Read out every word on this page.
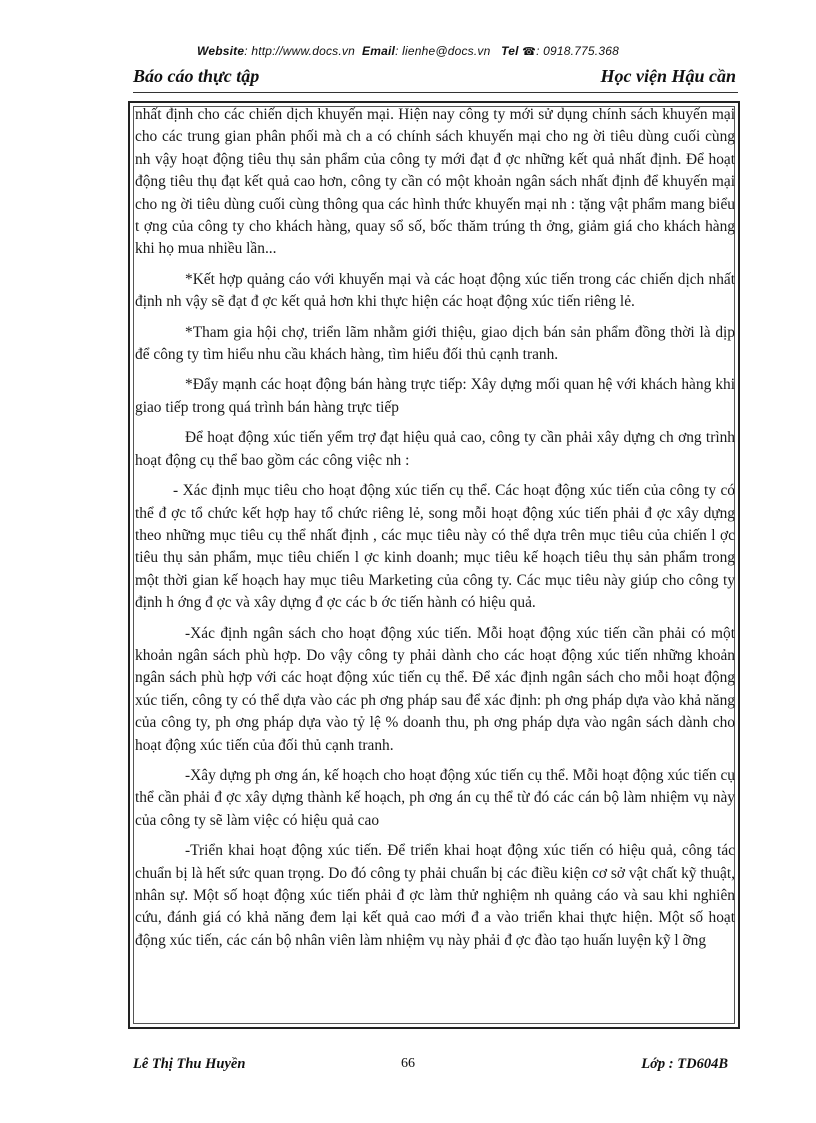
Website: http://www.docs.vn Email: lienhe@docs.vn Tel ☎: 0918.775.368
Báo cáo thực tập	Học viện Hậu cần

nhất định cho các chiến dịch khuyến mại. Hiện nay công ty mới sử dụng chính sách khuyến mại cho các trung gian phân phối mà ch a có chính sách khuyến mại cho ng ời tiêu dùng cuối cùng nh vậy hoạt động tiêu thụ sản phẩm của công ty mới đạt đ ợc những kết quả nhất định. Để hoạt động tiêu thụ đạt kết quả cao hơn, công ty cần có một khoản ngân sách nhất định để khuyến mại cho ng ời tiêu dùng cuối cùng thông qua các hình thức khuyến mại nh : tặng vật phẩm mang biểu t ợng của công ty cho khách hàng, quay sổ số, bốc thăm trúng th ởng, giảm giá cho khách hàng khi họ mua nhiều lần...

*Kết hợp quảng cáo với khuyến mại và các hoạt động xúc tiến trong các chiến dịch nhất định nh vậy sẽ đạt đ ợc kết quả hơn khi thực hiện các hoạt động xúc tiến riêng lẻ.

*Tham gia hội chợ, triển lãm nhằm giới thiệu, giao dịch bán sản phẩm đồng thời là dịp để công ty tìm hiểu nhu cầu khách hàng, tìm hiểu đối thủ cạnh tranh.

*Đẩy mạnh các hoạt động bán hàng trực tiếp: Xây dựng mối quan hệ với khách hàng khi giao tiếp trong quá trình bán hàng trực tiếp

Để hoạt động xúc tiến yểm trợ đạt hiệu quả cao, công ty cần phải xây dựng ch ơng trình hoạt động cụ thể bao gồm các công việc nh :

- Xác định mục tiêu cho hoạt động xúc tiến cụ thể. Các hoạt động xúc tiến của công ty có thể đ ợc tổ chức kết hợp hay tổ chức riêng lẻ, song mỗi hoạt động xúc tiến phải đ ợc xây dựng theo những mục tiêu cụ thể nhất định , các mục tiêu này có thể dựa trên mục tiêu của chiến l ợc tiêu thụ sản phẩm, mục tiêu chiến l ợc kinh doanh; mục tiêu kế hoạch tiêu thụ sản phẩm trong một thời gian kế hoạch hay mục tiêu Marketing của công ty. Các mục tiêu này giúp cho công ty định h ớng đ ợc và xây dựng đ ợc các b ớc tiến hành có hiệu quả.

-Xác định ngân sách cho hoạt động xúc tiến. Mỗi hoạt động xúc tiến cần phải có một khoản ngân sách phù hợp. Do vậy công ty phải dành cho các hoạt động xúc tiến những khoản ngân sách phù hợp với các hoạt động xúc tiến cụ thể. Để xác định ngân sách cho mỗi hoạt động xúc tiến, công ty có thể dựa vào các ph ơng pháp sau để xác định: ph ơng pháp dựa vào khả năng của công ty, ph ơng pháp dựa vào tỷ lệ % doanh thu, ph ơng pháp dựa vào ngân sách dành cho hoạt động xúc tiến của đối thủ cạnh tranh.

-Xây dựng ph ơng án, kế hoạch cho hoạt động xúc tiến cụ thể. Mỗi hoạt động xúc tiến cụ thể cần phải đ ợc xây dựng thành kế hoạch, ph ơng án cụ thể từ đó các cán bộ làm nhiệm vụ này của công ty sẽ làm việc có hiệu quả cao

-Triển khai hoạt động xúc tiến. Để triển khai hoạt động xúc tiến có hiệu quả, công tác chuẩn bị là hết sức quan trọng. Do đó công ty phải chuẩn bị các điều kiện cơ sở vật chất kỹ thuật, nhân sự. Một số hoạt động xúc tiến phải đ ợc làm thử nghiệm nh quảng cáo và sau khi nghiên cứu, đánh giá có khả năng đem lại kết quả cao mới đ a vào triển khai thực hiện. Một số hoạt động xúc tiến, các cán bộ nhân viên làm nhiệm vụ này phải đ ợc đào tạo huấn luyện kỹ l ỡng

Lê Thị Thu Huyền	66	Lớp : TD604B
